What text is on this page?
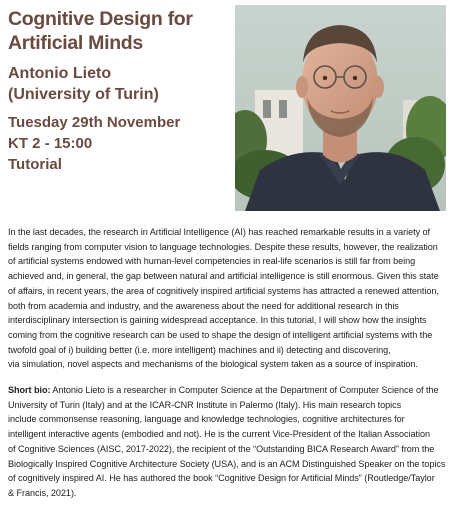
Cognitive Design for
Artificial Minds
Antonio Lieto
(University of Turin)
Tuesday 29th November
KT 2 - 15:00
Tutorial
In the last decades, the research in Artificial Intelligence (AI) has reached remarkable results in a variety of
fields ranging from computer vision to language technologies. Despite these results, however, the realization
of artificial systems endowed with human-level competencies in real-life scenarios is still far from being
achieved and, in general, the gap between natural and artificial intelligence is still enormous. Given this state
of affairs, in recent years, the area of cognitively inspired artificial systems has attracted a renewed attention,
both from academia and industry, and the awareness about the need for additional research in this
interdisciplinary intersection is gaining widespread acceptance. In this tutorial, I will show how the insights
coming from the cognitive research can be used to shape the design of intelligent artificial systems with the
twofold goal of i) building better (i.e. more intelligent) machines and ii) detecting and discovering,
via simulation, novel aspects and mechanisms of the biological system taken as a source of inspiration.
Short bio: Antonio Lieto is a researcher in Computer Science at the Department of Computer Science of the
University of Turin (Italy) and at the ICAR-CNR Institute in Palermo (Italy). His main research topics
include commonsense reasoning, language and knowledge technologies, cognitive architectures for
intelligent interactive agents (embodied and not). He is the current Vice-President of the Italian Association
of Cognitive Sciences (AISC, 2017-2022), the recipient of the “Outstanding BICA Research Award” from the
Biologically Inspired Cognitive Architecture Society (USA), and is an ACM Distinguished Speaker on the topics
of cognitively inspired AI. He has authored the book “Cognitive Design for Artificial Minds” (Routledge/Taylor
& Francis, 2021).
